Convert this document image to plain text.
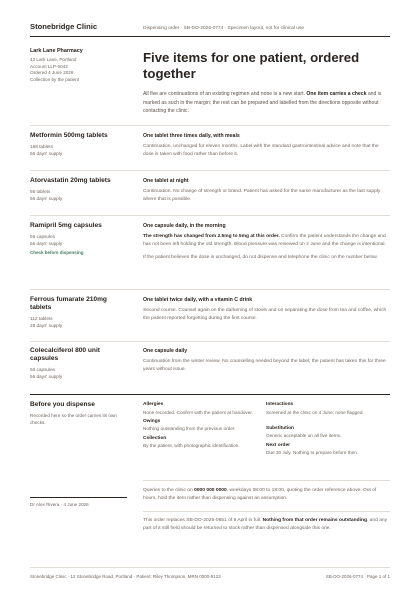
Stonebridge Clinic	Dispensing order · SB-DO-2026-0774 · Specimen layout, not for clinical use
Lark Lane Pharmacy
43 Lark Lane, Portland
Account LLP-0042
Ordered 4 June 2026
Collection by the patient
Five items for one patient, ordered together
All five are continuations of an existing regimen and none is a new start. One item carries a check and is marked as such in the margin; the rest can be prepared and labelled from the directions opposite without contacting the clinic.
Metformin 500mg tablets
168 tablets
56 days' supply
One tablet three times daily, with meals
Continuation, unchanged for eleven months. Label with the standard gastrointestinal advice and note that the dose is taken with food rather than before it.
Atorvastatin 20mg tablets
56 tablets
56 days' supply
One tablet at night
Continuation. No change of strength or brand. Patient has asked for the same manufacturer as the last supply where that is possible.
Ramipril 5mg capsules
56 capsules
56 days' supply
Check before dispensing
One capsule daily, in the morning
The strength has changed from 2.5mg to 5mg at this order. Confirm the patient understands the change and has not been left holding the old strength. Blood pressure was reviewed on 2 June and the change is intentional.
If the patient believes the dose is unchanged, do not dispense and telephone the clinic on the number below.
Ferrous fumarate 210mg tablets
112 tablets
28 days' supply
One tablet twice daily, with a vitamin C drink
Second course. Counsel again on the darkening of stools and on separating the dose from tea and coffee, which the patient reported forgetting during the first course.
Colecalciferol 800 unit capsules
56 capsules
56 days' supply
One capsule daily
Continuation from the winter review. No counselling needed beyond the label; the patient has taken this for three years without issue.
Before you dispense
Recorded here so the order carries its own checks.
Allergies
None recorded. Confirm with the patient at handover.
Owings
Nothing outstanding from the previous order.
Collection
By the patient, with photographic identification.
Interactions
Screened at the clinic on 4 June; none flagged.
Substitution
Generic acceptable on all five items.
Next order
Due 30 July. Nothing to prepare before then.
Dr Alex Rivera · 4 June 2026
Queries to the clinic on 0000 000 0000, weekdays 08:00 to 18:00, quoting the order reference above. Out of hours, hold the item rather than dispensing against an assumption.
This order replaces SB-DO-2026-0651 of 9 April in full. Nothing from that order remains outstanding, and any part of it still held should be returned to stock rather than dispensed alongside this one.
Stonebridge Clinic · 12 Stonebridge Road, Portland · Patient: Riley Thompson, MRN 0000-9123	SB-DO-2026-0774 · Page 1 of 1
